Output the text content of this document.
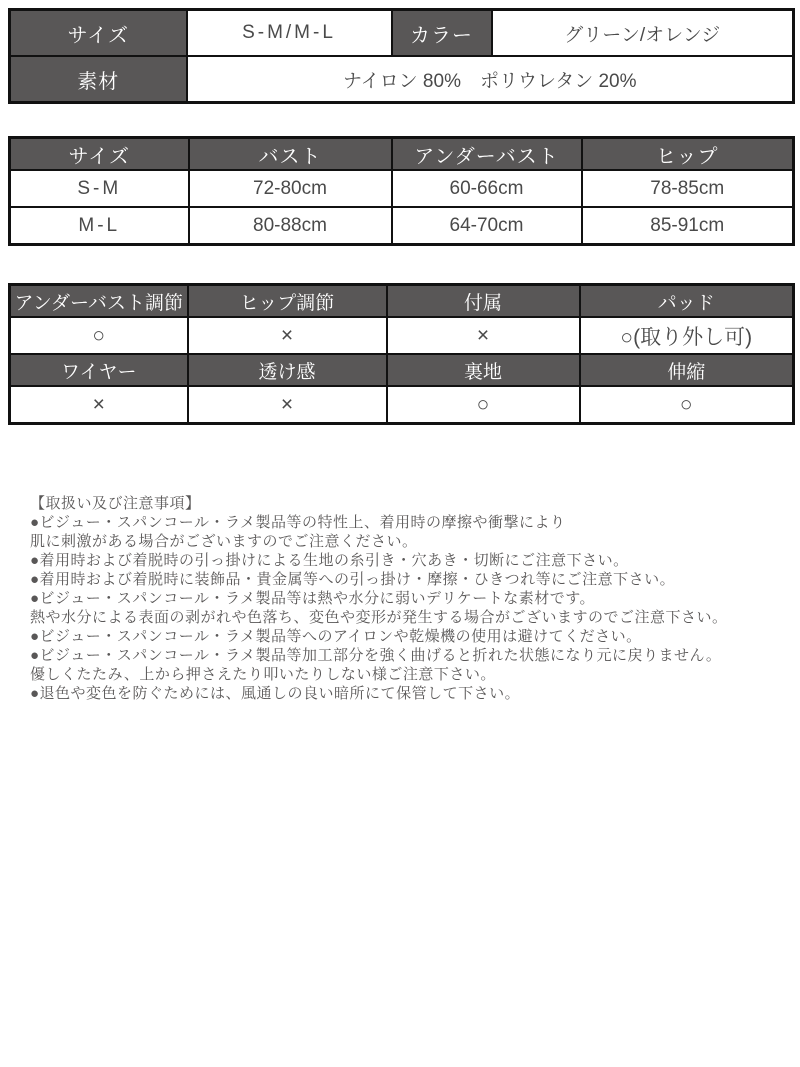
サイズ	S-M/M-L	カラー	グリーン/オレンジ
素材	ナイロン 80%　ポリウレタン 20%		
サイズ	バスト	アンダーバスト	ヒップ
S-M	72-80cm	60-66cm	78-85cm
M-L	80-88cm	64-70cm	85-91cm
アンダーバスト調節	ヒップ調節	付属	パッド
○	×	×	○(取り外し可)
ワイヤー	透け感	裏地	伸縮
×	×	○	○
【取扱い及び注意事項】
●ビジュー・スパンコール・ラメ製品等の特性上、着用時の摩擦や衝撃により
肌に刺激がある場合がございますのでご注意ください。
●着用時および着脱時の引っ掛けによる生地の糸引き・穴あき・切断にご注意下さい。
●着用時および着脱時に装飾品・貴金属等への引っ掛け・摩擦・ひきつれ等にご注意下さい。
●ビジュー・スパンコール・ラメ製品等は熱や水分に弱いデリケートな素材です。
熱や水分による表面の剥がれや色落ち、変色や変形が発生する場合がございますのでご注意下さい。
●ビジュー・スパンコール・ラメ製品等へのアイロンや乾燥機の使用は避けてください。
●ビジュー・スパンコール・ラメ製品等加工部分を強く曲げると折れた状態になり元に戻りません。
優しくたたみ、上から押さえたり叩いたりしない様ご注意下さい。
●退色や変色を防ぐためには、風通しの良い暗所にて保管して下さい。
